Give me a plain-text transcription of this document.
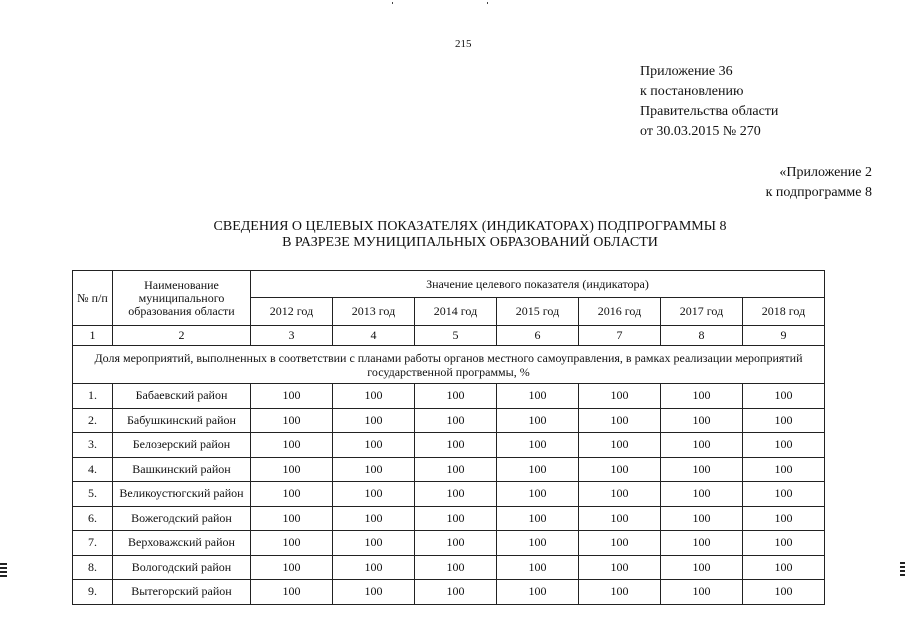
215
Приложение 36
к постановлению
Правительства области
от 30.03.2015 № 270
«Приложение 2
к подпрограмме 8
СВЕДЕНИЯ О ЦЕЛЕВЫХ ПОКАЗАТЕЛЯХ (ИНДИКАТОРАХ) ПОДПРОГРАММЫ 8
В РАЗРЕЗЕ МУНИЦИПАЛЬНЫХ ОБРАЗОВАНИЙ ОБЛАСТИ
№ п/п	Наименование муниципального образования области	Значение целевого показателя (индикатора)						
		2012 год	2013 год	2014 год	2015 год	2016 год	2017 год	2018 год
1	2	3	4	5	6	7	8	9
Доля мероприятий, выполненных в соответствии с планами работы органов местного самоуправления, в рамках реализации мероприятий государственной программы, %								
1.	Бабаевский район	100	100	100	100	100	100	100
2.	Бабушкинский район	100	100	100	100	100	100	100
3.	Белозерский район	100	100	100	100	100	100	100
4.	Вашкинский район	100	100	100	100	100	100	100
5.	Великоустюгский район	100	100	100	100	100	100	100
6.	Вожегодский район	100	100	100	100	100	100	100
7.	Верховажский район	100	100	100	100	100	100	100
8.	Вологодский район	100	100	100	100	100	100	100
9.	Вытегорский район	100	100	100	100	100	100	100
